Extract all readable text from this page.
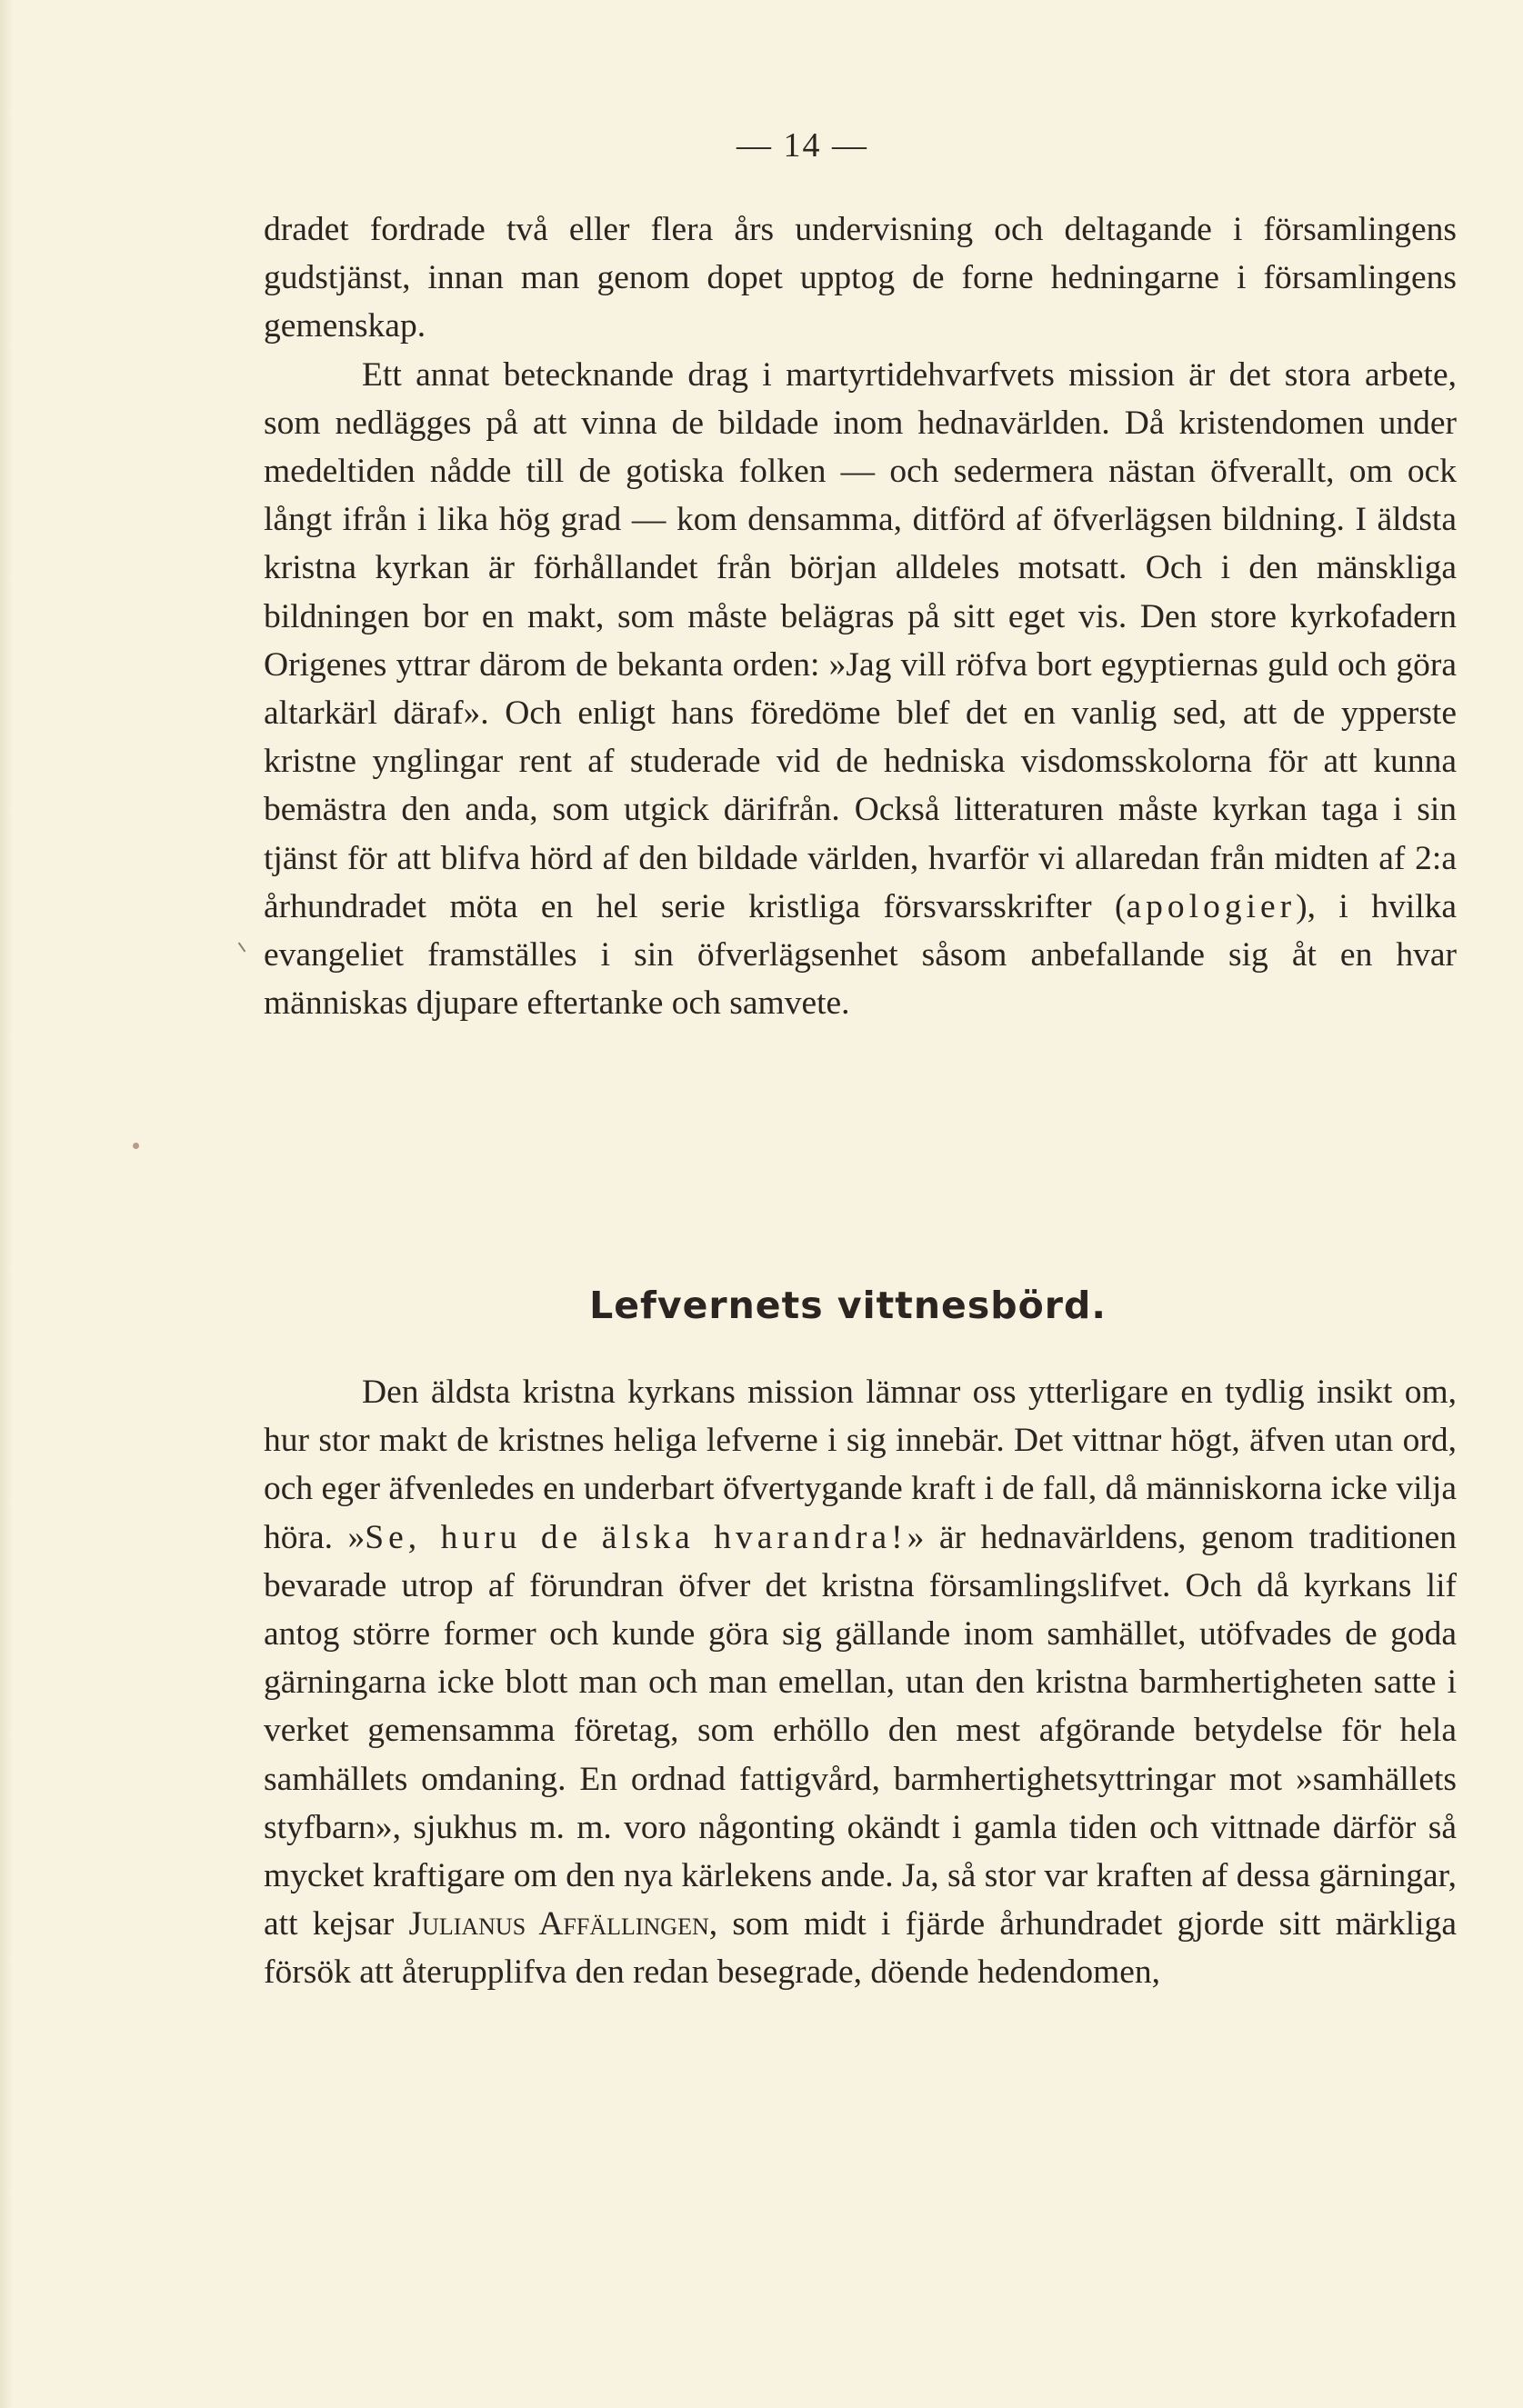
— 14 —

dradet fordrade två eller flera års undervisning och deltagande i församlingens gudstjänst, innan man genom dopet upptog de forne hedningarne i församlingens gemenskap.

Ett annat betecknande drag i martyrtidehvarfvets mission är det stora arbete, som nedlägges på att vinna de bildade inom hednavärlden. Då kristendomen under medeltiden nådde till de gotiska folken — och sedermera nästan öfverallt, om ock långt ifrån i lika hög grad — kom densamma, ditförd af öfverlägsen bildning. I äldsta kristna kyrkan är förhållandet från början alldeles motsatt. Och i den mänskliga bildningen bor en makt, som måste belägras på sitt eget vis. Den store kyrkofadern Origenes yttrar därom de bekanta orden: »Jag vill röfva bort egyptiernas guld och göra altarkärl däraf». Och enligt hans föredöme blef det en vanlig sed, att de ypperste kristne ynglingar rent af studerade vid de hedniska visdomsskolorna för att kunna bemästra den anda, som utgick därifrån. Också litteraturen måste kyrkan taga i sin tjänst för att blifva hörd af den bildade världen, hvarför vi allaredan från midten af 2:a århundradet möta en hel serie kristliga försvarsskrifter (apologier), i hvilka evangeliet framställes i sin öfverlägsenhet såsom anbefallande sig åt en hvar människas djupare eftertanke och samvete.

Lefvernets vittnesbörd.

Den äldsta kristna kyrkans mission lämnar oss ytterligare en tydlig insikt om, hur stor makt de kristnes heliga lefverne i sig innebär. Det vittnar högt, äfven utan ord, och eger äfvenledes en underbart öfvertygande kraft i de fall, då människorna icke vilja höra. »Se, huru de älska hvarandra!» är hednavärldens, genom traditionen bevarade utrop af förundran öfver det kristna församlingslifvet. Och då kyrkans lif antog större former och kunde göra sig gällande inom samhället, utöfvades de goda gärningarna icke blott man och man emellan, utan den kristna barmhertigheten satte i verket gemensamma företag, som erhöllo den mest afgörande betydelse för hela samhällets omdaning. En ordnad fattigvård, barmhertighetsyttringar mot »samhällets styfbarn», sjukhus m. m. voro någonting okändt i gamla tiden och vittnade därför så mycket kraftigare om den nya kärlekens ande. Ja, så stor var kraften af dessa gärningar, att kejsar Julianus Affällingen, som midt i fjärde århundradet gjorde sitt märkliga försök att återupplifva den redan besegrade, döende hedendomen,
